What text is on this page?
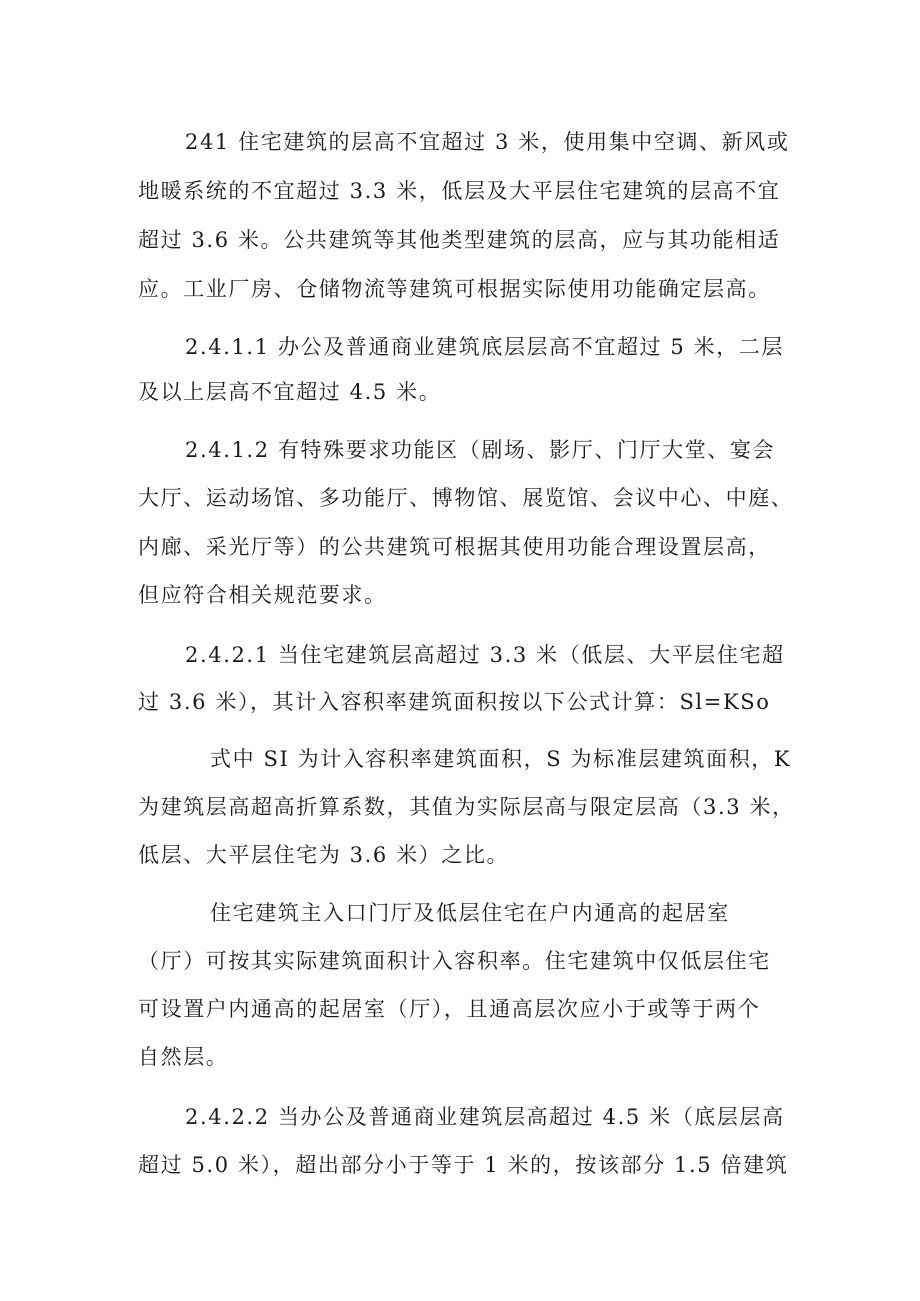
241 住宅建筑的层高不宜超过 3 米，使用集中空调、新风或
地暖系统的不宜超过 3.3 米，低层及大平层住宅建筑的层高不宜
超过 3.6 米。公共建筑等其他类型建筑的层高，应与其功能相适
应。工业厂房、仓储物流等建筑可根据实际使用功能确定层高。
2.4.1.1 办公及普通商业建筑底层层高不宜超过 5 米，二层
及以上层高不宜超过 4.5 米。
2.4.1.2 有特殊要求功能区（剧场、影厅、门厅大堂、宴会
大厅、运动场馆、多功能厅、博物馆、展览馆、会议中心、中庭、
内廊、采光厅等）的公共建筑可根据其使用功能合理设置层高，
但应符合相关规范要求。
2.4.2.1 当住宅建筑层高超过 3.3 米（低层、大平层住宅超
过 3.6 米），其计入容积率建筑面积按以下公式计算：Sl=KSo
式中 SI 为计入容积率建筑面积，S 为标准层建筑面积，K
为建筑层高超高折算系数，其值为实际层高与限定层高（3.3 米，
低层、大平层住宅为 3.6 米）之比。
住宅建筑主入口门厅及低层住宅在户内通高的起居室
（厅）可按其实际建筑面积计入容积率。住宅建筑中仅低层住宅
可设置户内通高的起居室（厅），且通高层次应小于或等于两个
自然层。
2.4.2.2 当办公及普通商业建筑层高超过 4.5 米（底层层高
超过 5.0 米），超出部分小于等于 1 米的，按该部分 1.5 倍建筑
